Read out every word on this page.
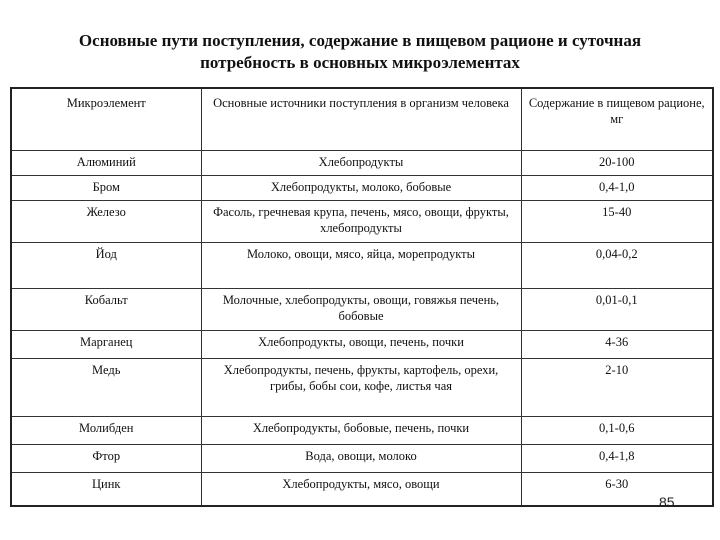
Основные пути поступления, содержание в пищевом рационе и суточная
потребность в основных микроэлементах
Микроэлемент	Основные источники поступления в организм человека	Содержание в пищевом рационе, мг
Алюминий	Хлебопродукты	20-100
Бром	Хлебопродукты, молоко, бобовые	0,4-1,0
Железо	Фасоль, гречневая крупа, печень, мясо, овощи, фрукты, хлебопродукты	15-40
Йод	Молоко, овощи, мясо, яйца, морепродукты	0,04-0,2
Кобальт	Молочные, хлебопродукты, овощи, говяжья печень, бобовые	0,01-0,1
Марганец	Хлебопродукты, овощи, печень, почки	4-36
Медь	Хлебопродукты, печень, фрукты, картофель, орехи, грибы, бобы сои, кофе, листья чая	2-10
Молибден	Хлебопродукты, бобовые, печень, почки	0,1-0,6
Фтор	Вода, овощи, молоко	0,4-1,8
Цинк	Хлебопродукты, мясо, овощи	6-30
85
